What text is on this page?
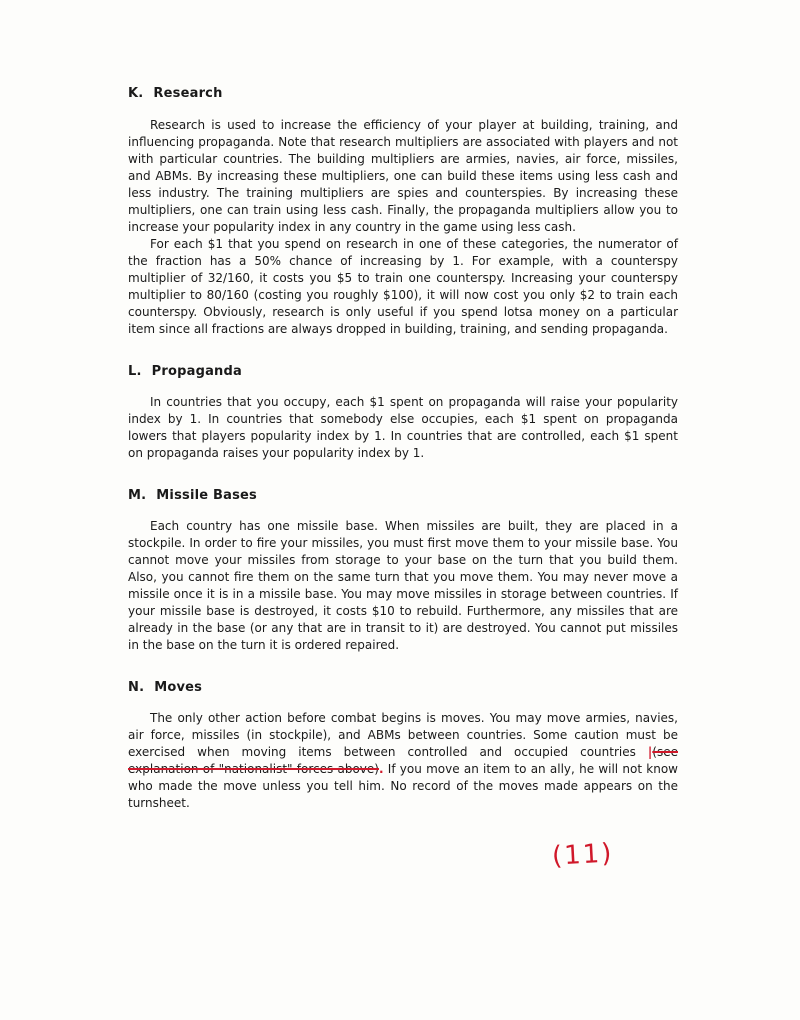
K. Research

Research is used to increase the efficiency of your player at building, training, and influencing propaganda. Note that research multipliers are associated with players and not with particular countries. The building multipliers are armies, navies, air force, missiles, and ABMs. By increasing these multipliers, one can build these items using less cash and less industry. The training multipliers are spies and counterspies. By increasing these multipliers, one can train using less cash. Finally, the propaganda multipliers allow you to increase your popularity index in any country in the game using less cash.

For each $1 that you spend on research in one of these categories, the numerator of the fraction has a 50% chance of increasing by 1. For example, with a counterspy multiplier of 32/160, it costs you $5 to train one counterspy. Increasing your counterspy multiplier to 80/160 (costing you roughly $100), it will now cost you only $2 to train each counterspy. Obviously, research is only useful if you spend lotsa money on a particular item since all fractions are always dropped in building, training, and sending propaganda.

L. Propaganda

In countries that you occupy, each $1 spent on propaganda will raise your popularity index by 1. In countries that somebody else occupies, each $1 spent on propaganda lowers that players popularity index by 1. In countries that are controlled, each $1 spent on propaganda raises your popularity index by 1.

M. Missile Bases

Each country has one missile base. When missiles are built, they are placed in a stockpile. In order to fire your missiles, you must first move them to your missile base. You cannot move your missiles from storage to your base on the turn that you build them. Also, you cannot fire them on the same turn that you move them. You may never move a missile once it is in a missile base. You may move missiles in storage between countries. If your missile base is destroyed, it costs $10 to rebuild. Furthermore, any missiles that are already in the base (or any that are in transit to it) are destroyed. You cannot put missiles in the base on the turn it is ordered repaired.

N. Moves

The only other action before combat begins is moves. You may move armies, navies, air force, missiles (in stockpile), and ABMs between countries. Some caution must be exercised when moving items between controlled and occupied countries |(see explanation of "nationalist" forces above). If you move an item to an ally, he will not know who made the move unless you tell him. No record of the moves made appears on the turnsheet.

(11)
